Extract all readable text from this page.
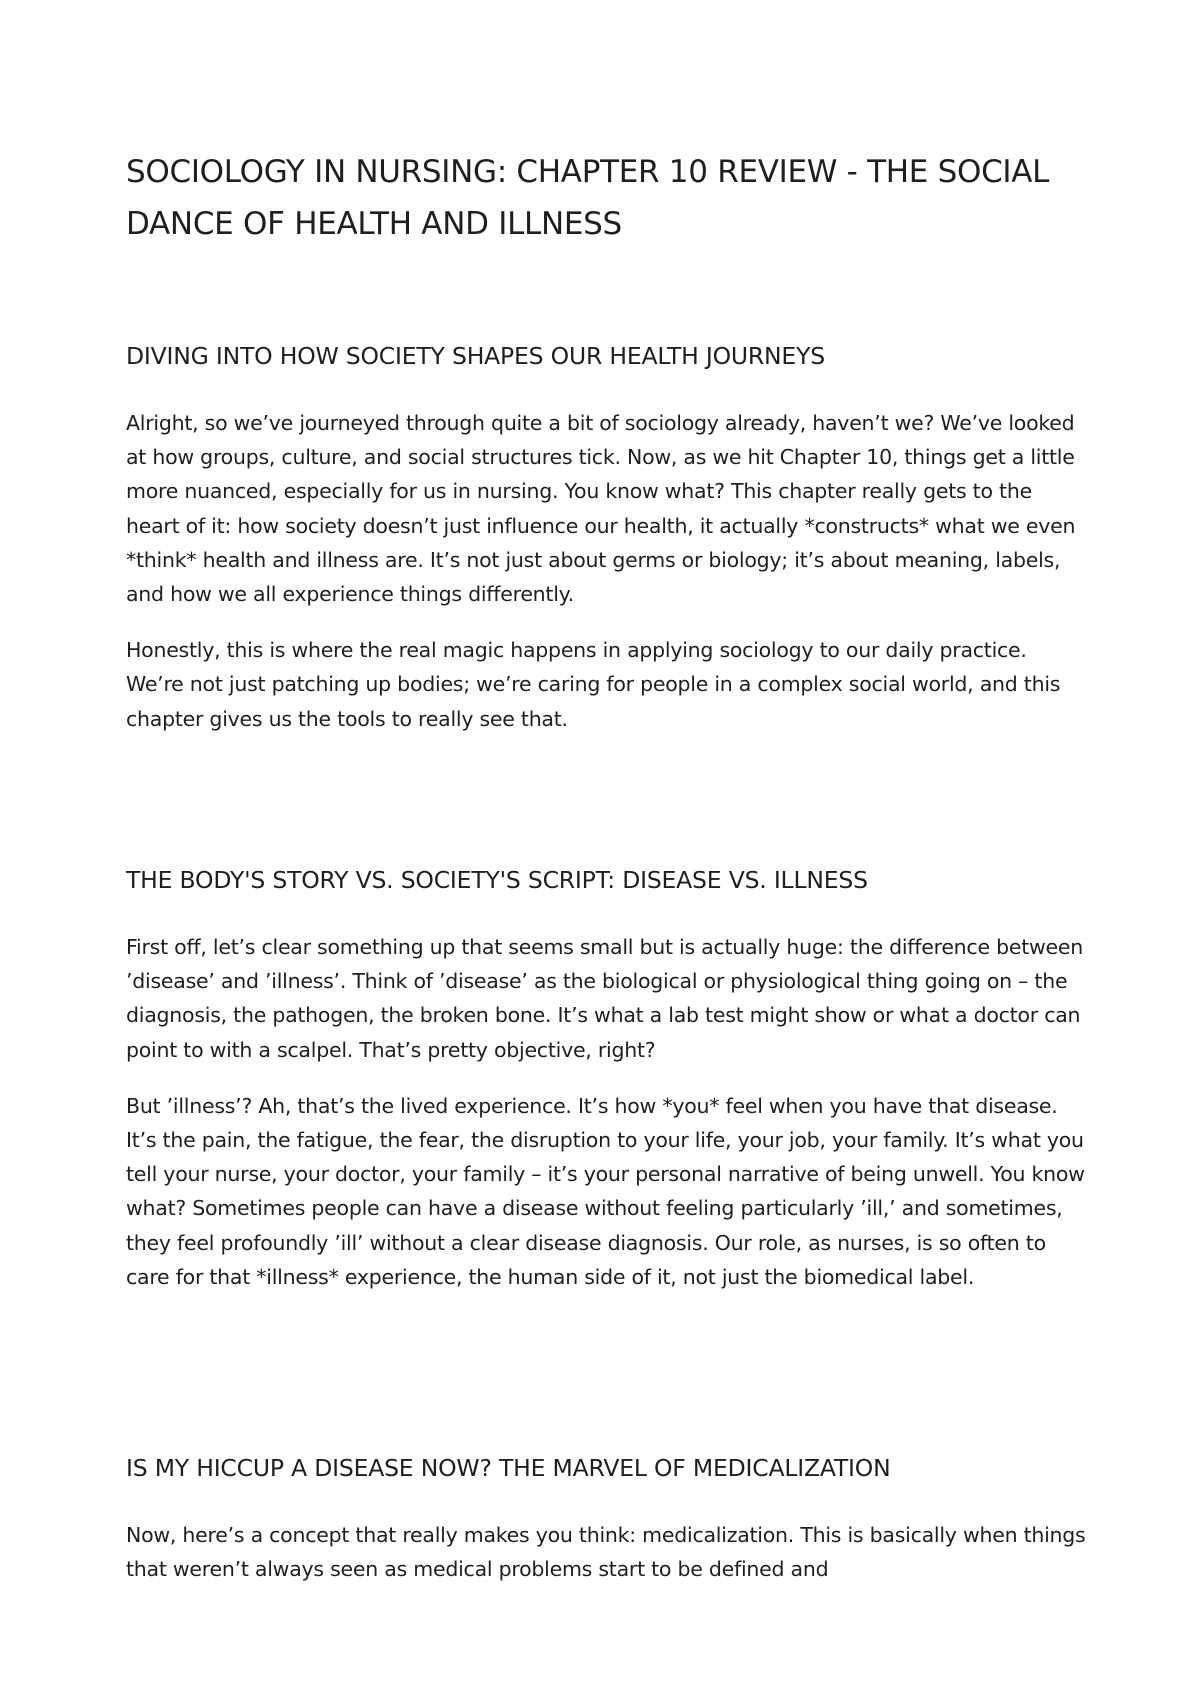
SOCIOLOGY IN NURSING: CHAPTER 10 REVIEW - THE SOCIAL DANCE OF HEALTH AND ILLNESS
DIVING INTO HOW SOCIETY SHAPES OUR HEALTH JOURNEYS

Alright, so we’ve journeyed through quite a bit of sociology already, haven’t we? We’ve looked at how groups, culture, and social structures tick. Now, as we hit Chapter 10, things get a little more nuanced, especially for us in nursing. You know what? This chapter really gets to the heart of it: how society doesn’t just influence our health, it actually *constructs* what we even *think* health and illness are. It’s not just about germs or biology; it’s about meaning, labels, and how we all experience things differently.

Honestly, this is where the real magic happens in applying sociology to our daily practice. We’re not just patching up bodies; we’re caring for people in a complex social world, and this chapter gives us the tools to really see that.

THE BODY'S STORY VS. SOCIETY'S SCRIPT: DISEASE VS. ILLNESS

First off, let’s clear something up that seems small but is actually huge: the difference between ’disease’ and ’illness’. Think of ’disease’ as the biological or physiological thing going on – the diagnosis, the pathogen, the broken bone. It’s what a lab test might show or what a doctor can point to with a scalpel. That’s pretty objective, right?

But ’illness’? Ah, that’s the lived experience. It’s how *you* feel when you have that disease. It’s the pain, the fatigue, the fear, the disruption to your life, your job, your family. It’s what you tell your nurse, your doctor, your family – it’s your personal narrative of being unwell. You know what? Sometimes people can have a disease without feeling particularly ’ill,’ and sometimes, they feel profoundly ’ill’ without a clear disease diagnosis. Our role, as nurses, is so often to care for that *illness* experience, the human side of it, not just the biomedical label.

IS MY HICCUP A DISEASE NOW? THE MARVEL OF MEDICALIZATION

Now, here’s a concept that really makes you think: medicalization. This is basically when things that weren’t always seen as medical problems start to be defined and
